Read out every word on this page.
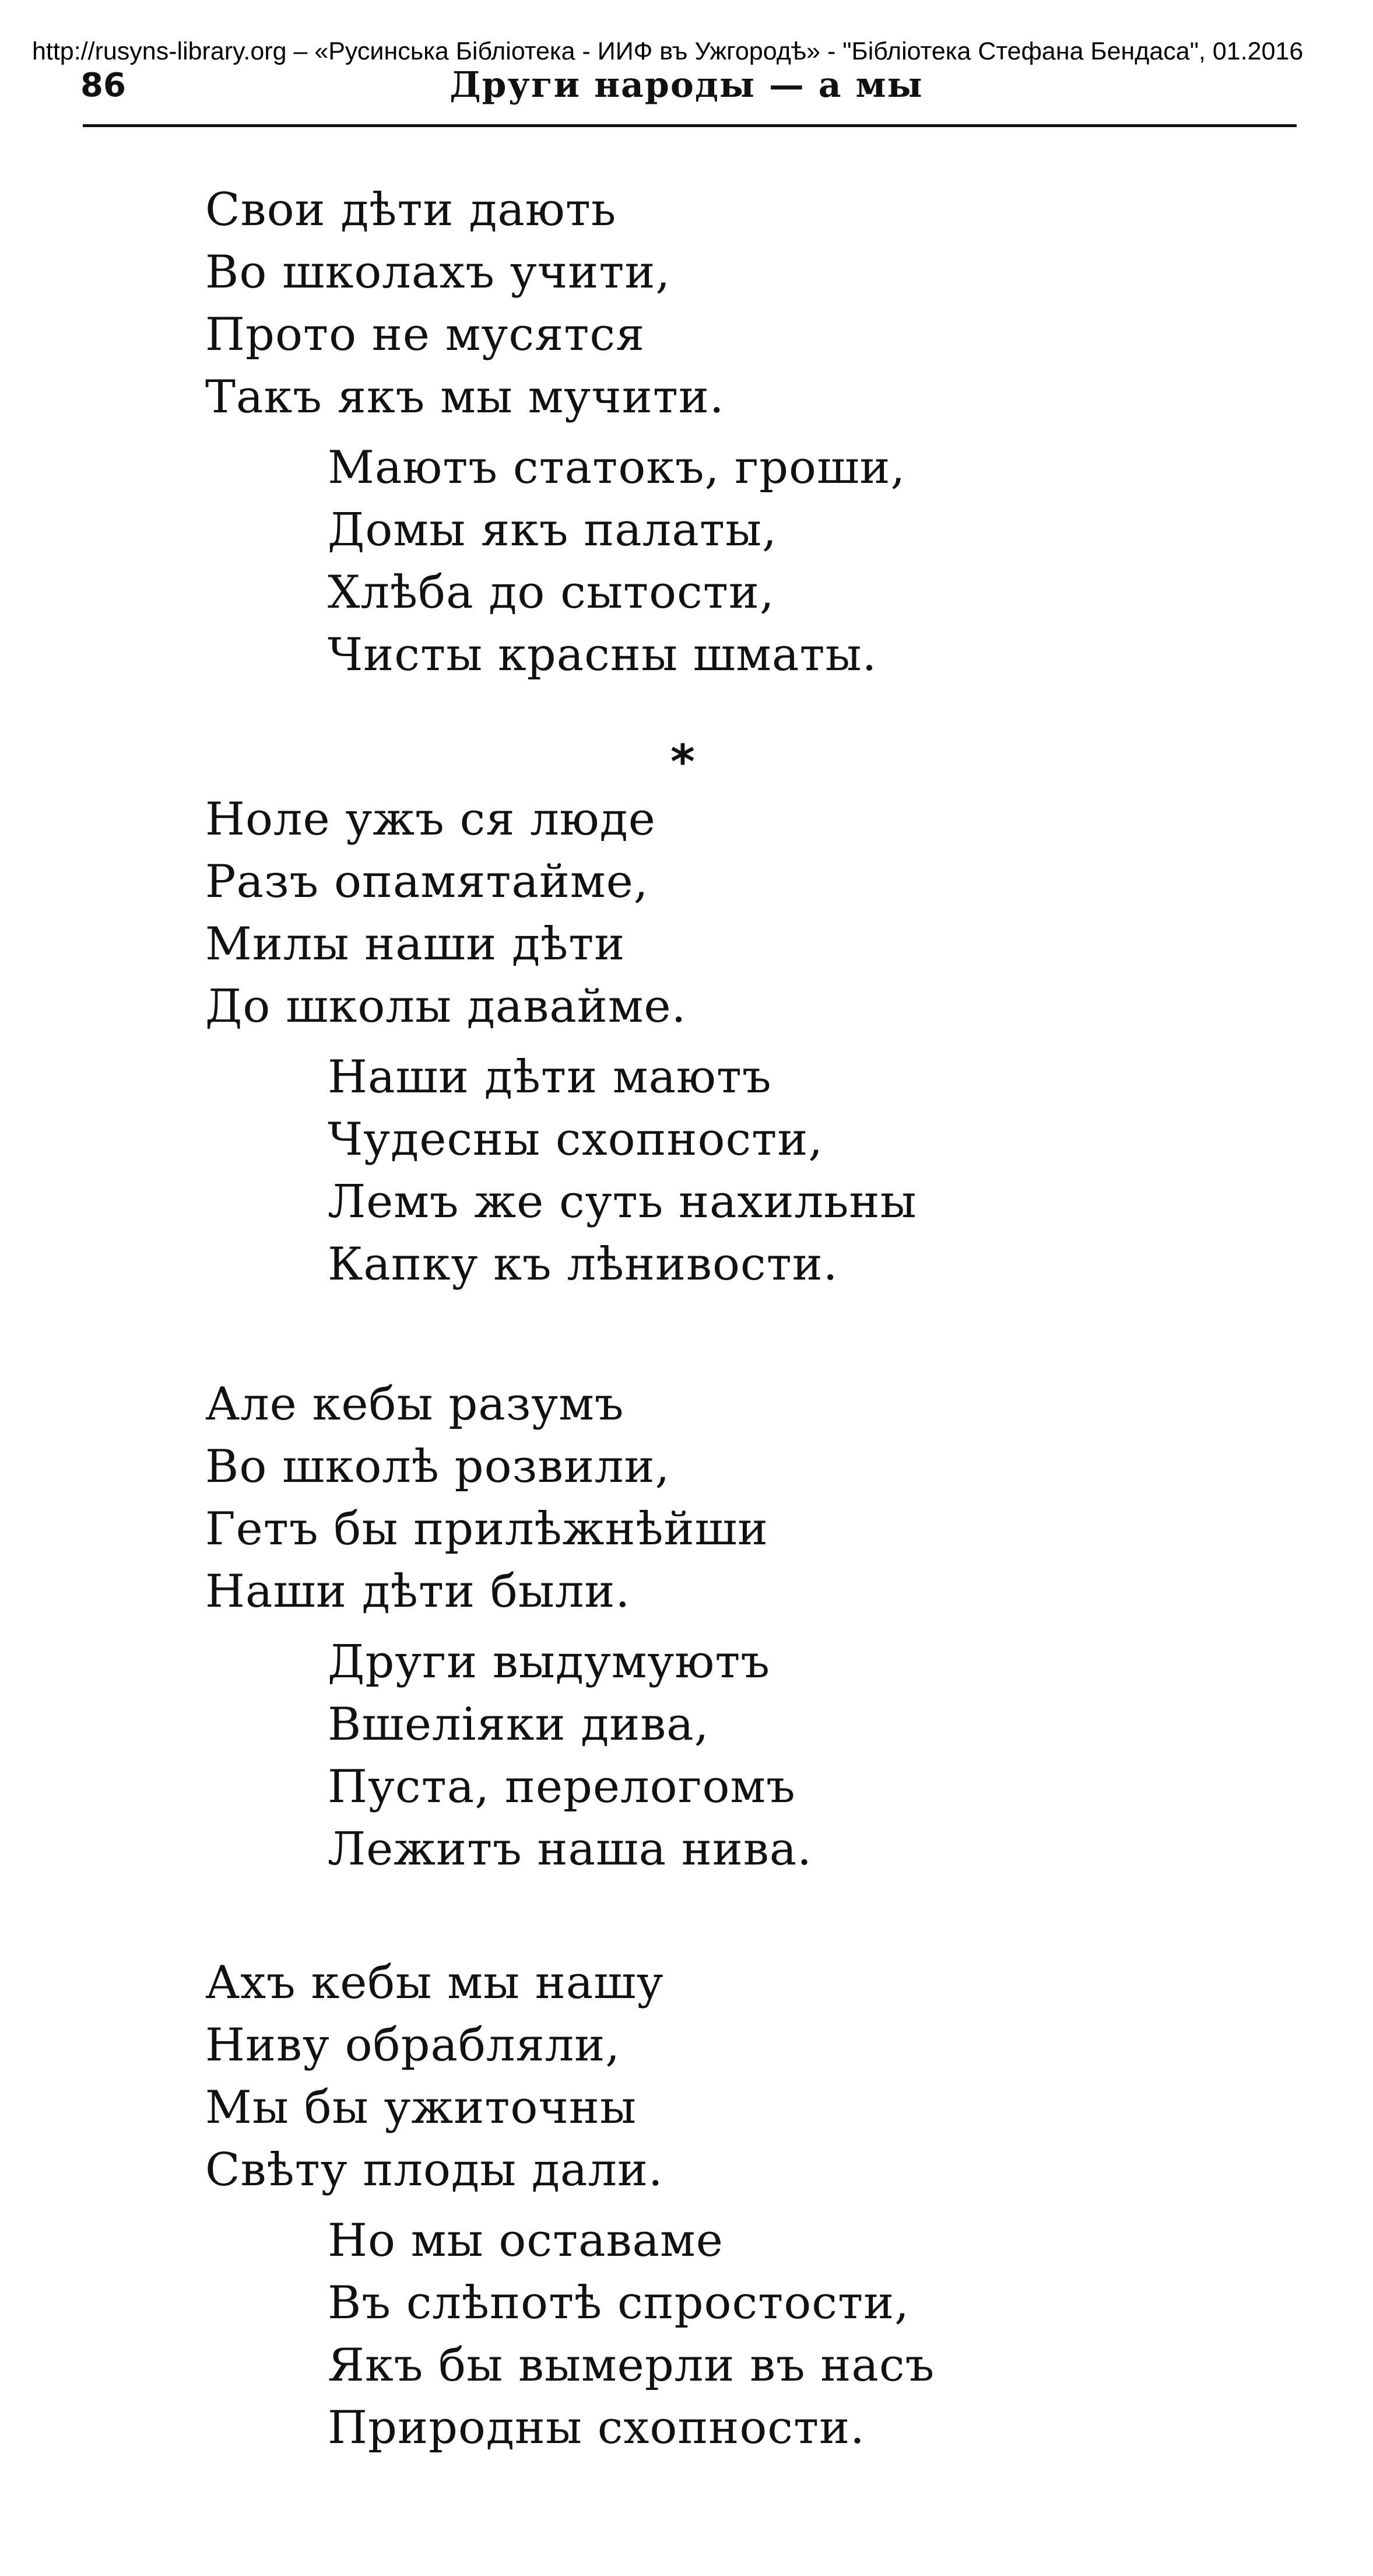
http://rusyns-library.org – «Русинська Бібліотека - ИИФ въ Ужгородѣ» - "Бібліотека Стефана Бендаса", 01.2016
86	Други народы — а мы
Свои дѣти дають
Во школахъ учити,
Прото не мусятся
Такъ якъ мы мучити.
Маютъ статокъ, гроши,
Домы якъ палаты,
Хлѣба до сытости,
Чисты красны шматы.
*
Ноле ужъ ся люде
Разъ опамятайме,
Милы наши дѣти
До школы давайме.
Наши дѣти маютъ
Чудесны схопности,
Лемъ же суть нахильны
Капку къ лѣнивости.
Але кебы разумъ
Во школѣ розвили,
Гетъ бы прилѣжнѣйши
Наши дѣти были.
Други выдумуютъ
Вшеліяки дива,
Пуста, перелогомъ
Лежитъ наша нива.
Ахъ кебы мы нашу
Ниву обрабляли,
Мы бы ужиточны
Свѣту плоды дали.
Но мы оставаме
Въ слѣпотѣ спростости,
Якъ бы вымерли въ насъ
Природны схопности.
